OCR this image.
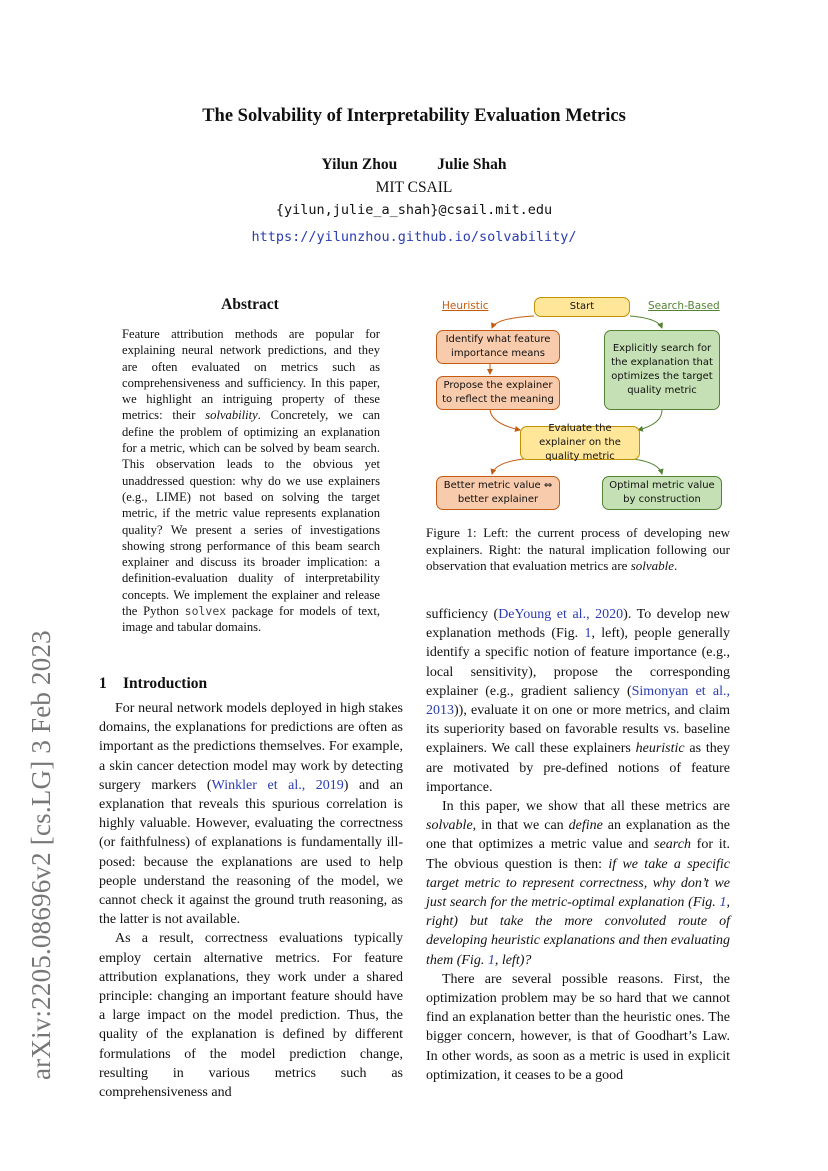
arXiv:2205.08696v2 [cs.LG] 3 Feb 2023
The Solvability of Interpretability Evaluation Metrics
Yilun Zhou	Julie Shah
MIT CSAIL
{yilun,julie_a_shah}@csail.mit.edu
https://yilunzhou.github.io/solvability/
Abstract
Feature attribution methods are popular for explaining neural network predictions, and they are often evaluated on metrics such as comprehensiveness and sufficiency. In this paper, we highlight an intriguing property of these metrics: their solvability. Concretely, we can define the problem of optimizing an explanation for a metric, which can be solved by beam search. This observation leads to the obvious yet unaddressed question: why do we use explainers (e.g., LIME) not based on solving the target metric, if the metric value represents explanation quality? We present a series of investigations showing strong performance of this beam search explainer and discuss its broader implication: a definition-evaluation duality of interpretability concepts. We implement the explainer and release the Python solvex package for models of text, image and tabular domains.
1 Introduction

For neural network models deployed in high stakes domains, the explanations for predictions are often as important as the predictions themselves. For example, a skin cancer detection model may work by detecting surgery markers (Winkler et al., 2019) and an explanation that reveals this spurious correlation is highly valuable. However, evaluating the correctness (or faithfulness) of explanations is fundamentally ill-posed: because the explanations are used to help people understand the reasoning of the model, we cannot check it against the ground truth reasoning, as the latter is not available.

As a result, correctness evaluations typically employ certain alternative metrics. For feature attribution explanations, they work under a shared principle: changing an important feature should have a large impact on the model prediction. Thus, the quality of the explanation is defined by different formulations of the model prediction change, resulting in various metrics such as comprehensiveness and

Heuristic	Search-Based
Start
Identify what feature importance means
Propose the explainer to reflect the meaning
Explicitly search for the explanation that optimizes the target quality metric
Evaluate the explainer on the quality metric
Better metric value ⇔ better explainer
Optimal metric value by construction
Figure 1: Left: the current process of developing new explainers. Right: the natural implication following our observation that evaluation metrics are solvable.

sufficiency (DeYoung et al., 2020). To develop new explanation methods (Fig. 1, left), people generally identify a specific notion of feature importance (e.g., local sensitivity), propose the corresponding explainer (e.g., gradient saliency (Simonyan et al., 2013)), evaluate it on one or more metrics, and claim its superiority based on favorable results vs. baseline explainers. We call these explainers heuristic as they are motivated by pre-defined notions of feature importance.

In this paper, we show that all these metrics are solvable, in that we can define an explanation as the one that optimizes a metric value and search for it. The obvious question is then: if we take a specific target metric to represent correctness, why don’t we just search for the metric-optimal explanation (Fig. 1, right) but take the more convoluted route of developing heuristic explanations and then evaluating them (Fig. 1, left)?

There are several possible reasons. First, the optimization problem may be so hard that we cannot find an explanation better than the heuristic ones. The bigger concern, however, is that of Goodhart’s Law. In other words, as soon as a metric is used in explicit optimization, it ceases to be a good
